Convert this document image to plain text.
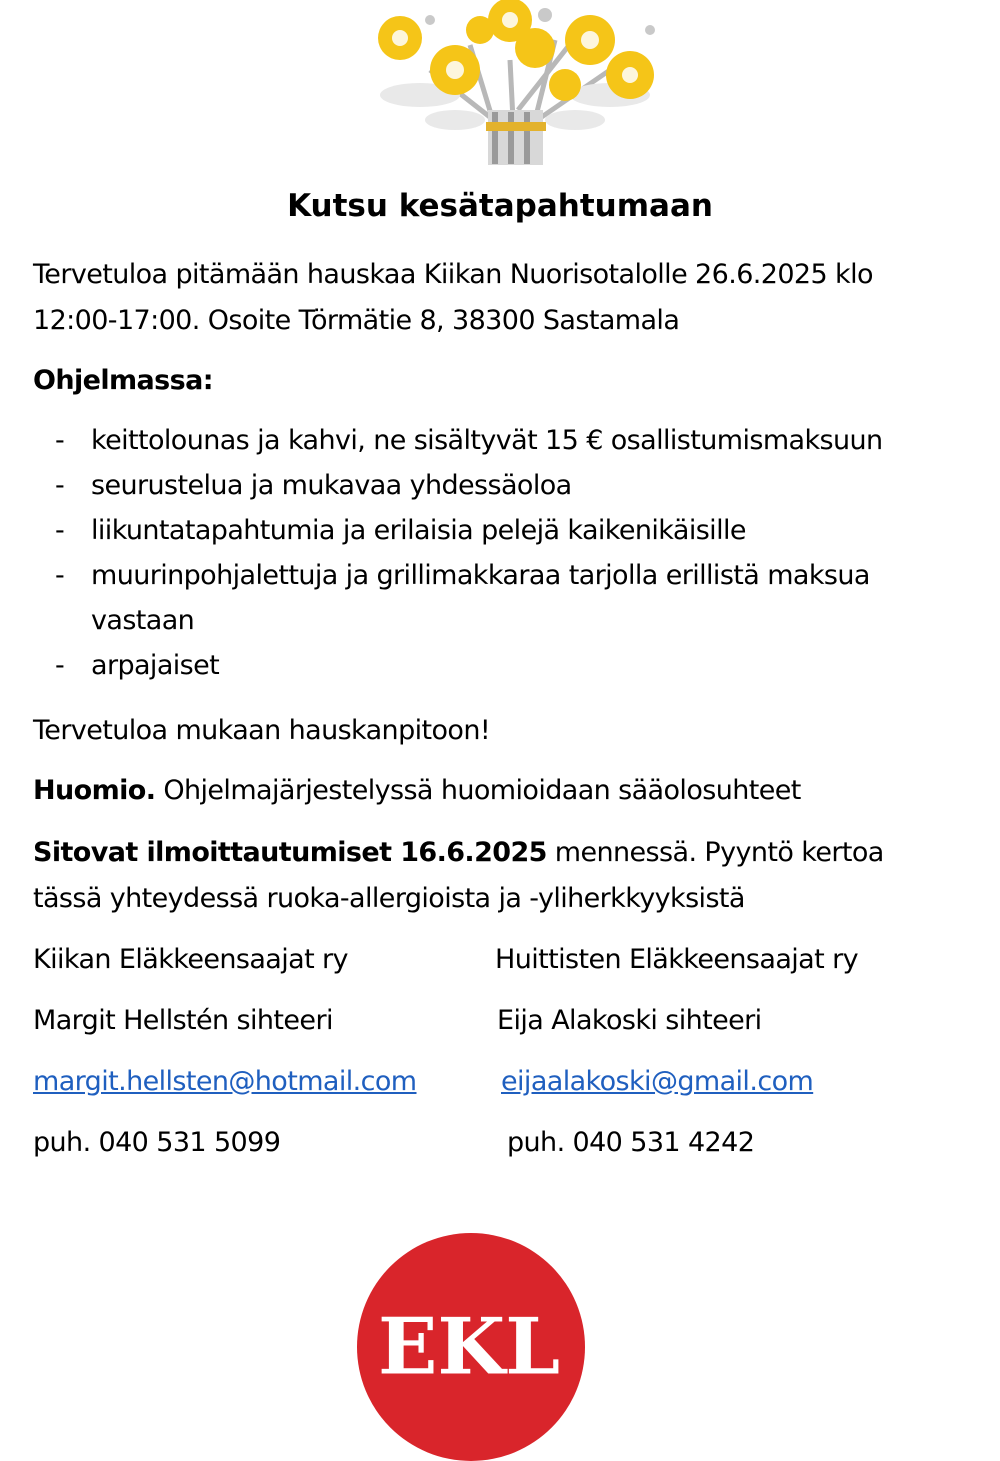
Kutsu kesätapahtumaan
Tervetuloa pitämään hauskaa Kiikan Nuorisotalolle 26.6.2025 klo
12:00-17:00. Osoite Törmätie 8, 38300 Sastamala
Ohjelmassa:
- keittolounas ja kahvi, ne sisältyvät 15 € osallistumismaksuun
- seurustelua ja mukavaa yhdessäoloa
- liikuntatapahtumia ja erilaisia pelejä kaikenikäisille
- muurinpohjalettuja ja grillimakkaraa tarjolla erillistä maksua
vastaan
- arpajaiset
Tervetuloa mukaan hauskanpitoon!
Huomio. Ohjelmajärjestelyssä huomioidaan sääolosuhteet
Sitovat ilmoittautumiset 16.6.2025 mennessä. Pyyntö kertoa
tässä yhteydessä ruoka-allergioista ja -yliherkkyyksistä
Kiikan Eläkkeensaajat ry
Margit Hellstén sihteeri
margit.hellsten@hotmail.com
puh. 040 531 5099
Huittisten Eläkkeensaajat ry
Eija Alakoski sihteeri
eijaalakoski@gmail.com
puh. 040 531 4242
EKL
